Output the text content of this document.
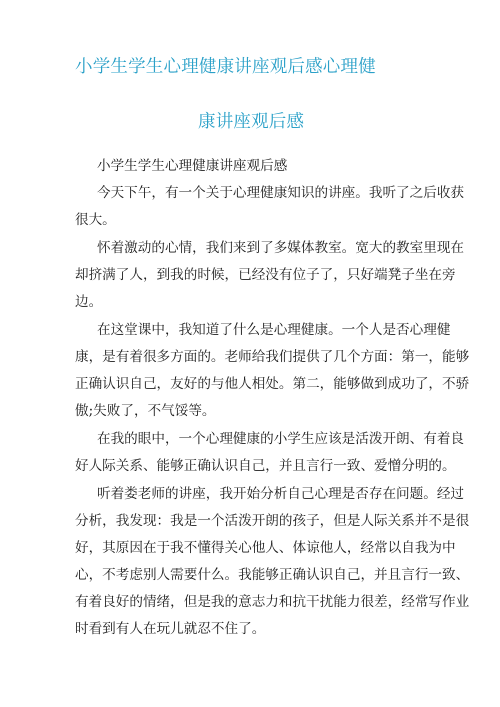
小学生学生心理健康讲座观后感心理健
康讲座观后感
小学生学生心理健康讲座观后感
今天下午，有一个关于心理健康知识的讲座。我听了之后收获
很大。
怀着激动的心情，我们来到了多媒体教室。宽大的教室里现在
却挤满了人，到我的时候，已经没有位子了，只好端凳子坐在旁
边。
在这堂课中，我知道了什么是心理健康。一个人是否心理健
康，是有着很多方面的。老师给我们提供了几个方面：第一，能够
正确认识自己，友好的与他人相处。第二，能够做到成功了，不骄
傲;失败了，不气馁等。
在我的眼中，一个心理健康的小学生应该是活泼开朗、有着良
好人际关系、能够正确认识自己，并且言行一致、爱憎分明的。
听着娄老师的讲座，我开始分析自己心理是否存在问题。经过
分析，我发现：我是一个活泼开朗的孩子，但是人际关系并不是很
好，其原因在于我不懂得关心他人、体谅他人，经常以自我为中
心，不考虑别人需要什么。我能够正确认识自己，并且言行一致、
有着良好的情绪，但是我的意志力和抗干扰能力很差，经常写作业
时看到有人在玩儿就忍不住了。
